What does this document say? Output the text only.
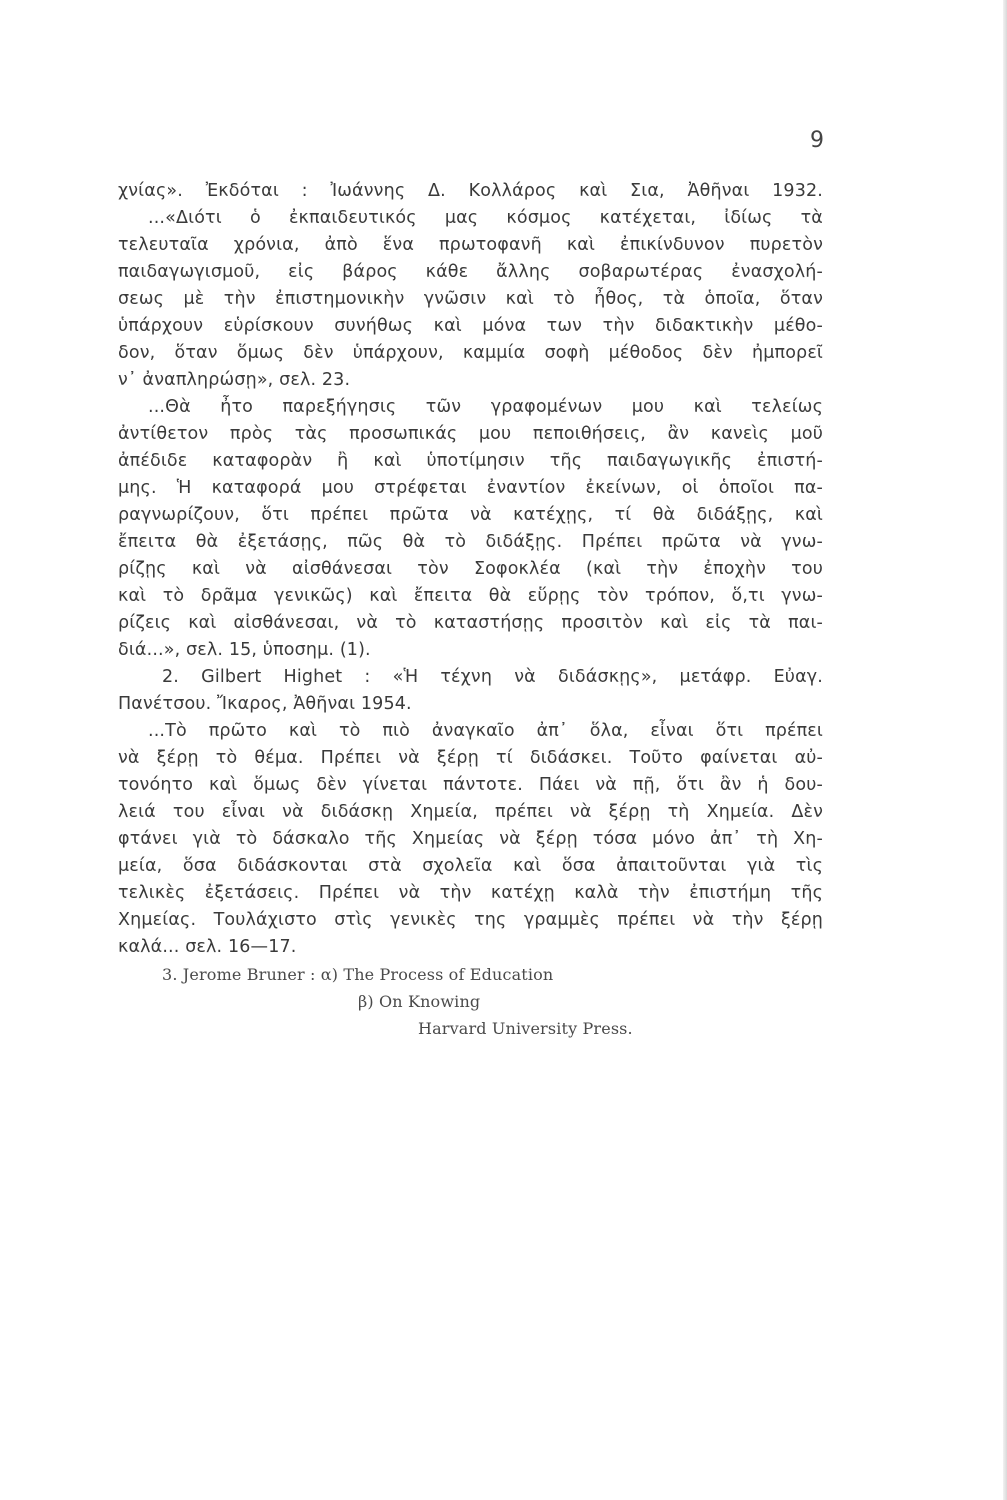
9
χνίας». Ἐκδόται : Ἰωάννης Δ. Κολλάρος καὶ Σια, Ἀθῆναι 1932.
...«Διότι ὁ ἐκπαιδευτικός μας κόσμος κατέχεται, ἰδίως τὰ
τελευταῖα χρόνια, ἀπὸ ἕνα πρωτοφανῆ καὶ ἐπικίνδυνον πυρετὸν
παιδαγωγισμοῦ, εἰς βάρος κάθε ἄλλης σοβαρωτέρας ἐνασχολή-
σεως μὲ τὴν ἐπιστημονικὴν γνῶσιν καὶ τὸ ἦθος, τὰ ὁποῖα, ὅταν
ὑπάρχουν εὑρίσκουν συνήθως καὶ μόνα των τὴν διδακτικὴν μέθο-
δον, ὅταν ὅμως δὲν ὑπάρχουν, καμμία σοφὴ μέθοδος δὲν ἠμπορεῖ
ν᾿ ἀναπληρώσῃ», σελ. 23.
...Θὰ ἦτο παρεξήγησις τῶν γραφομένων μου καὶ τελείως
ἀντίθετον πρὸς τὰς προσωπικάς μου πεποιθήσεις, ἂν κανεὶς μοῦ
ἀπέδιδε καταφορὰν ἢ καὶ ὑποτίμησιν τῆς παιδαγωγικῆς ἐπιστή-
μης. Ἡ καταφορά μου στρέφεται ἐναντίον ἐκείνων, οἱ ὁποῖοι πα-
ραγνωρίζουν, ὅτι πρέπει πρῶτα νὰ κατέχῃς, τί θὰ διδάξῃς, καὶ
ἔπειτα θὰ ἐξετάσῃς, πῶς θὰ τὸ διδάξῃς. Πρέπει πρῶτα νὰ γνω-
ρίζῃς καὶ νὰ αἰσθάνεσαι τὸν Σοφοκλέα (καὶ τὴν ἐποχὴν του
καὶ τὸ δρᾶμα γενικῶς) καὶ ἔπειτα θὰ εὕρῃς τὸν τρόπον, ὅ,τι γνω-
ρίζεις καὶ αἰσθάνεσαι, νὰ τὸ καταστήσῃς προσιτὸν καὶ εἰς τὰ παι-
διά...», σελ. 15, ὑποσημ. (1).
2. Gilbert Highet : «Ἡ τέχνη νὰ διδάσκῃς», μετάφρ. Εὐαγ.
Πανέτσου. Ἴκαρος, Ἀθῆναι 1954.
...Τὸ πρῶτο καὶ τὸ πιὸ ἀναγκαῖο ἀπ᾿ ὅλα, εἶναι ὅτι πρέπει
νὰ ξέρῃ τὸ θέμα. Πρέπει νὰ ξέρῃ τί διδάσκει. Τοῦτο φαίνεται αὐ-
τονόητο καὶ ὅμως δὲν γίνεται πάντοτε. Πάει νὰ πῇ, ὅτι ἂν ἡ δου-
λειά του εἶναι νὰ διδάσκῃ Χημεία, πρέπει νὰ ξέρῃ τὴ Χημεία. Δὲν
φτάνει γιὰ τὸ δάσκαλο τῆς Χημείας νὰ ξέρῃ τόσα μόνο ἀπ᾿ τὴ Χη-
μεία, ὅσα διδάσκονται στὰ σχολεῖα καὶ ὅσα ἀπαιτοῦνται γιὰ τὶς
τελικὲς ἐξετάσεις. Πρέπει νὰ τὴν κατέχῃ καλὰ τὴν ἐπιστήμη τῆς
Χημείας. Τουλάχιστο στὶς γενικὲς της γραμμὲς πρέπει νὰ τὴν ξέρῃ
καλά... σελ. 16—17.
3. Jerome Bruner : α) The Process of Education
β) On Knowing
Harvard University Press.
